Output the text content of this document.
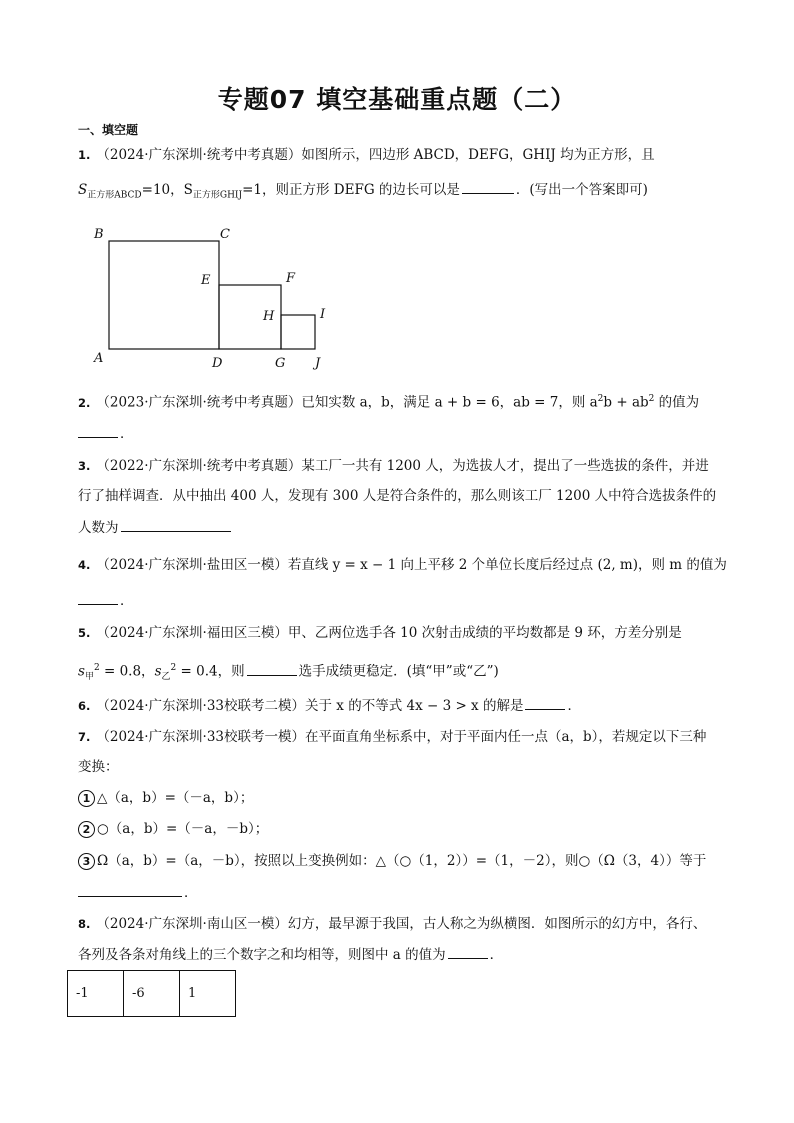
专题07 填空基础重点题（二）
一、填空题
1. （2024·广东深圳·统考中考真题）如图所示，四边形 ABCD，DEFG，GHIJ 均为正方形，且
$S_{正方形ABCD}=10$，$S_{正方形GHIJ}=1$，则正方形 DEFG 的边长可以是	．(写出一个答案即可)
B	C
E	F
H	I
A	D	G J
2. （2023·广东深圳·统考中考真题）已知实数 a，b，满足 a + b = 6，ab = 7，则 $a^2b + ab^2$ 的值为
．
3. （2022·广东深圳·统考中考真题）某工厂一共有 1200 人，为选拔人才，提出了一些选拔的条件，并进
行了抽样调查．从中抽出 400 人，发现有 300 人是符合条件的，那么则该工厂 1200 人中符合选拔条件的
人数为
4. （2024·广东深圳·盐田区一模）若直线 y = x − 1 向上平移 2 个单位长度后经过点 (2, m)，则 m 的值为
．
5. （2024·广东深圳·福田区三模）甲、乙两位选手各 10 次射击成绩的平均数都是 9 环，方差分别是
$s_甲^2 = 0.8$，$s_乙^2 = 0.4$，则	选手成绩更稳定．(填“甲”或“乙”)
6. （2024·广东深圳·33校联考二模）关于 x 的不等式 4x − 3 > x 的解是	．
7. （2024·广东深圳·33校联考一模）在平面直角坐标系中，对于平面内任一点（a，b），若规定以下三种
变换：
1 △（a，b）=（－a，b）；
2 ○（a，b）=（－a，－b）；
3 Ω（a，b）=（a，－b），按照以上变换例如：△（○（1，2））=（1，－2），则○（Ω（3，4））等于
．
8. （2024·广东深圳·南山区一模）幻方，最早源于我国，古人称之为纵横图．如图所示的幻方中，各行、
各列及各条对角线上的三个数字之和均相等，则图中 a 的值为	．
-1	-6	1
